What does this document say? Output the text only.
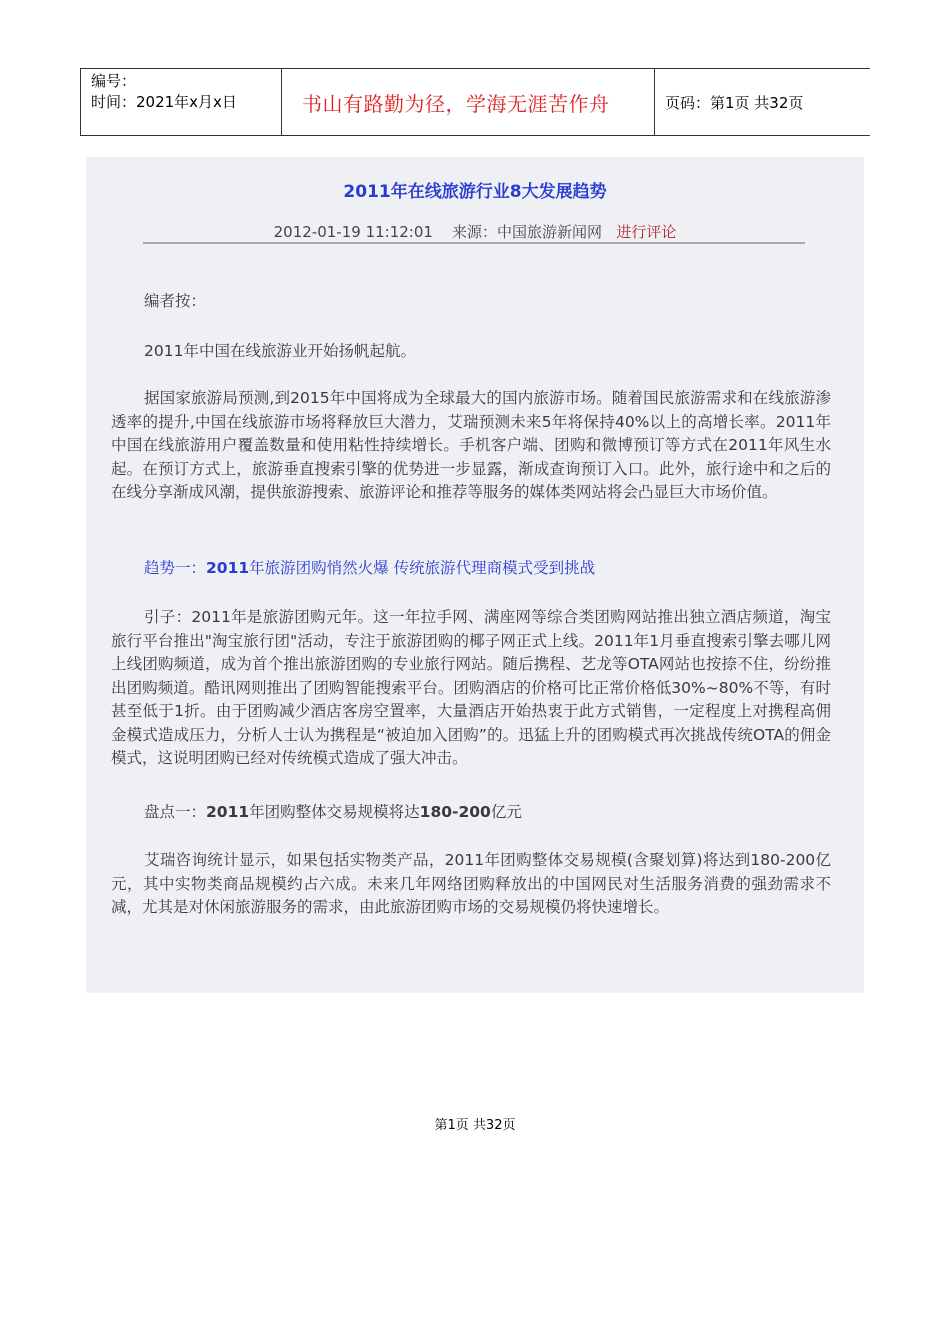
编号：
时间：2021年x月x日	书山有路勤为径，学海无涯苦作舟	页码：第1页 共32页
2011年在线旅游行业8大发展趋势
2012-01-19 11:12:01 来源：中国旅游新闻网 进行评论

编者按：

2011年中国在线旅游业开始扬帆起航。

据国家旅游局预测,到2015年中国将成为全球最大的国内旅游市场。随着国民旅游需求和在线旅游渗透率的提升,中国在线旅游市场将释放巨大潜力，艾瑞预测未来5年将保持40%以上的高增长率。2011年中国在线旅游用户覆盖数量和使用粘性持续增长。手机客户端、团购和微博预订等方式在2011年风生水起。在预订方式上，旅游垂直搜索引擎的优势进一步显露，渐成查询预订入口。此外，旅行途中和之后的在线分享渐成风潮，提供旅游搜索、旅游评论和推荐等服务的媒体类网站将会凸显巨大市场价值。

趋势一：2011年旅游团购悄然火爆 传统旅游代理商模式受到挑战

引子：2011年是旅游团购元年。这一年拉手网、满座网等综合类团购网站推出独立酒店频道，淘宝旅行平台推出"淘宝旅行团"活动，专注于旅游团购的椰子网正式上线。2011年1月垂直搜索引擎去哪儿网上线团购频道，成为首个推出旅游团购的专业旅行网站。随后携程、艺龙等OTA网站也按捺不住，纷纷推出团购频道。酷讯网则推出了团购智能搜索平台。团购酒店的价格可比正常价格低30%~80%不等，有时甚至低于1折。由于团购减少酒店客房空置率，大量酒店开始热衷于此方式销售，一定程度上对携程高佣金模式造成压力，分析人士认为携程是“被迫加入团购”的。迅猛上升的团购模式再次挑战传统OTA的佣金模式，这说明团购已经对传统模式造成了强大冲击。

盘点一：2011年团购整体交易规模将达180-200亿元

艾瑞咨询统计显示，如果包括实物类产品，2011年团购整体交易规模(含聚划算)将达到180-200亿元，其中实物类商品规模约占六成。未来几年网络团购释放出的中国网民对生活服务消费的强劲需求不减，尤其是对休闲旅游服务的需求，由此旅游团购市场的交易规模仍将快速增长。

第1页 共32页
